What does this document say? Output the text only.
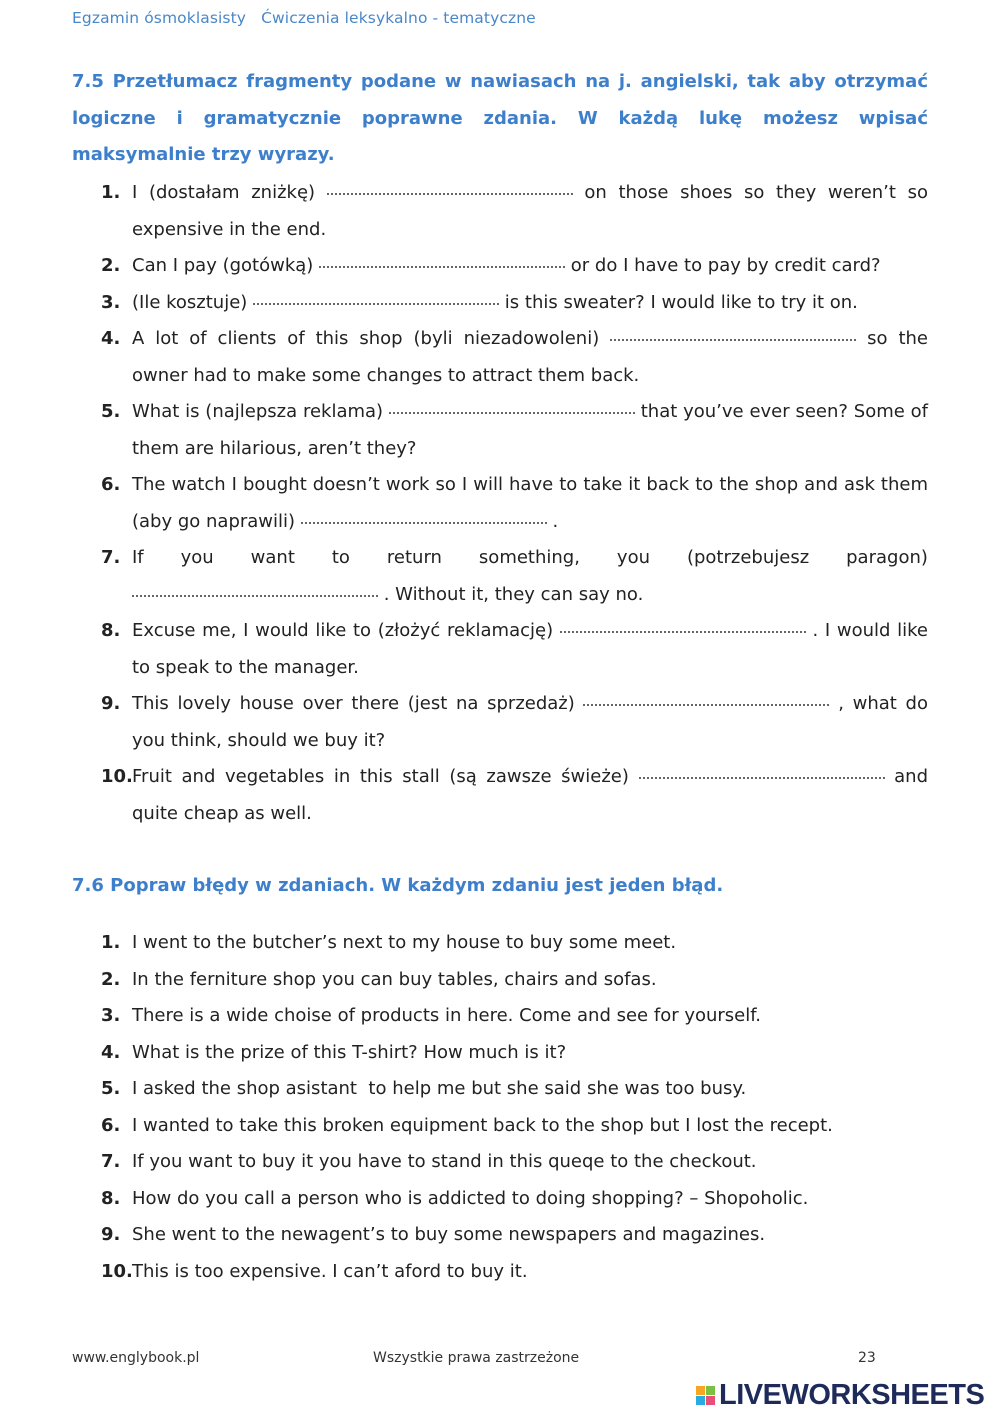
Egzamin ósmoklasisty Ćwiczenia leksykalno - tematyczne
7.5 Przetłumacz fragmenty podane w nawiasach na j. angielski, tak aby otrzymać logiczne i gramatycznie poprawne zdania. W każdą lukę możesz wpisać maksymalnie trzy wyrazy.
1. I (dostałam zniżkę)	on those shoes so they weren’t so expensive in the end.
2. Can I pay (gotówką)	or do I have to pay by credit card?
3. (Ile kosztuje)	is this sweater? I would like to try it on.
4. A lot of clients of this shop (byli niezadowoleni)	so the owner had to make some changes to attract them back.
5. What is (najlepsza reklama)	that you’ve ever seen? Some of them are hilarious, aren’t they?
6. The watch I bought doesn’t work so I will have to take it back to the shop and ask them (aby go naprawili)	.
7. If you want to return something, you (potrzebujesz paragon)
. Without it, they can say no.
8. Excuse me, I would like to (złożyć reklamację)	. I would like to speak to the manager.
9. This lovely house over there (jest na sprzedaż)	, what do you think, should we buy it?
10. Fruit and vegetables in this stall (są zawsze świeże)	and quite cheap as well.
7.6 Popraw błędy w zdaniach. W każdym zdaniu jest jeden błąd.
1. I went to the butcher’s next to my house to buy some meet.
2. In the ferniture shop you can buy tables, chairs and sofas.
3. There is a wide choise of products in here. Come and see for yourself.
4. What is the prize of this T-shirt? How much is it?
5. I asked the shop asistant  to help me but she said she was too busy.
6. I wanted to take this broken equipment back to the shop but I lost the recept.
7. If you want to buy it you have to stand in this queqe to the checkout.
8. How do you call a person who is addicted to doing shopping? – Shopoholic.
9. She went to the newagent’s to buy some newspapers and magazines.
10. This is too expensive. I can’t aford to buy it.
www.englybook.pl	Wszystkie prawa zastrzeżone	23
LIVEWORKSHEETS
